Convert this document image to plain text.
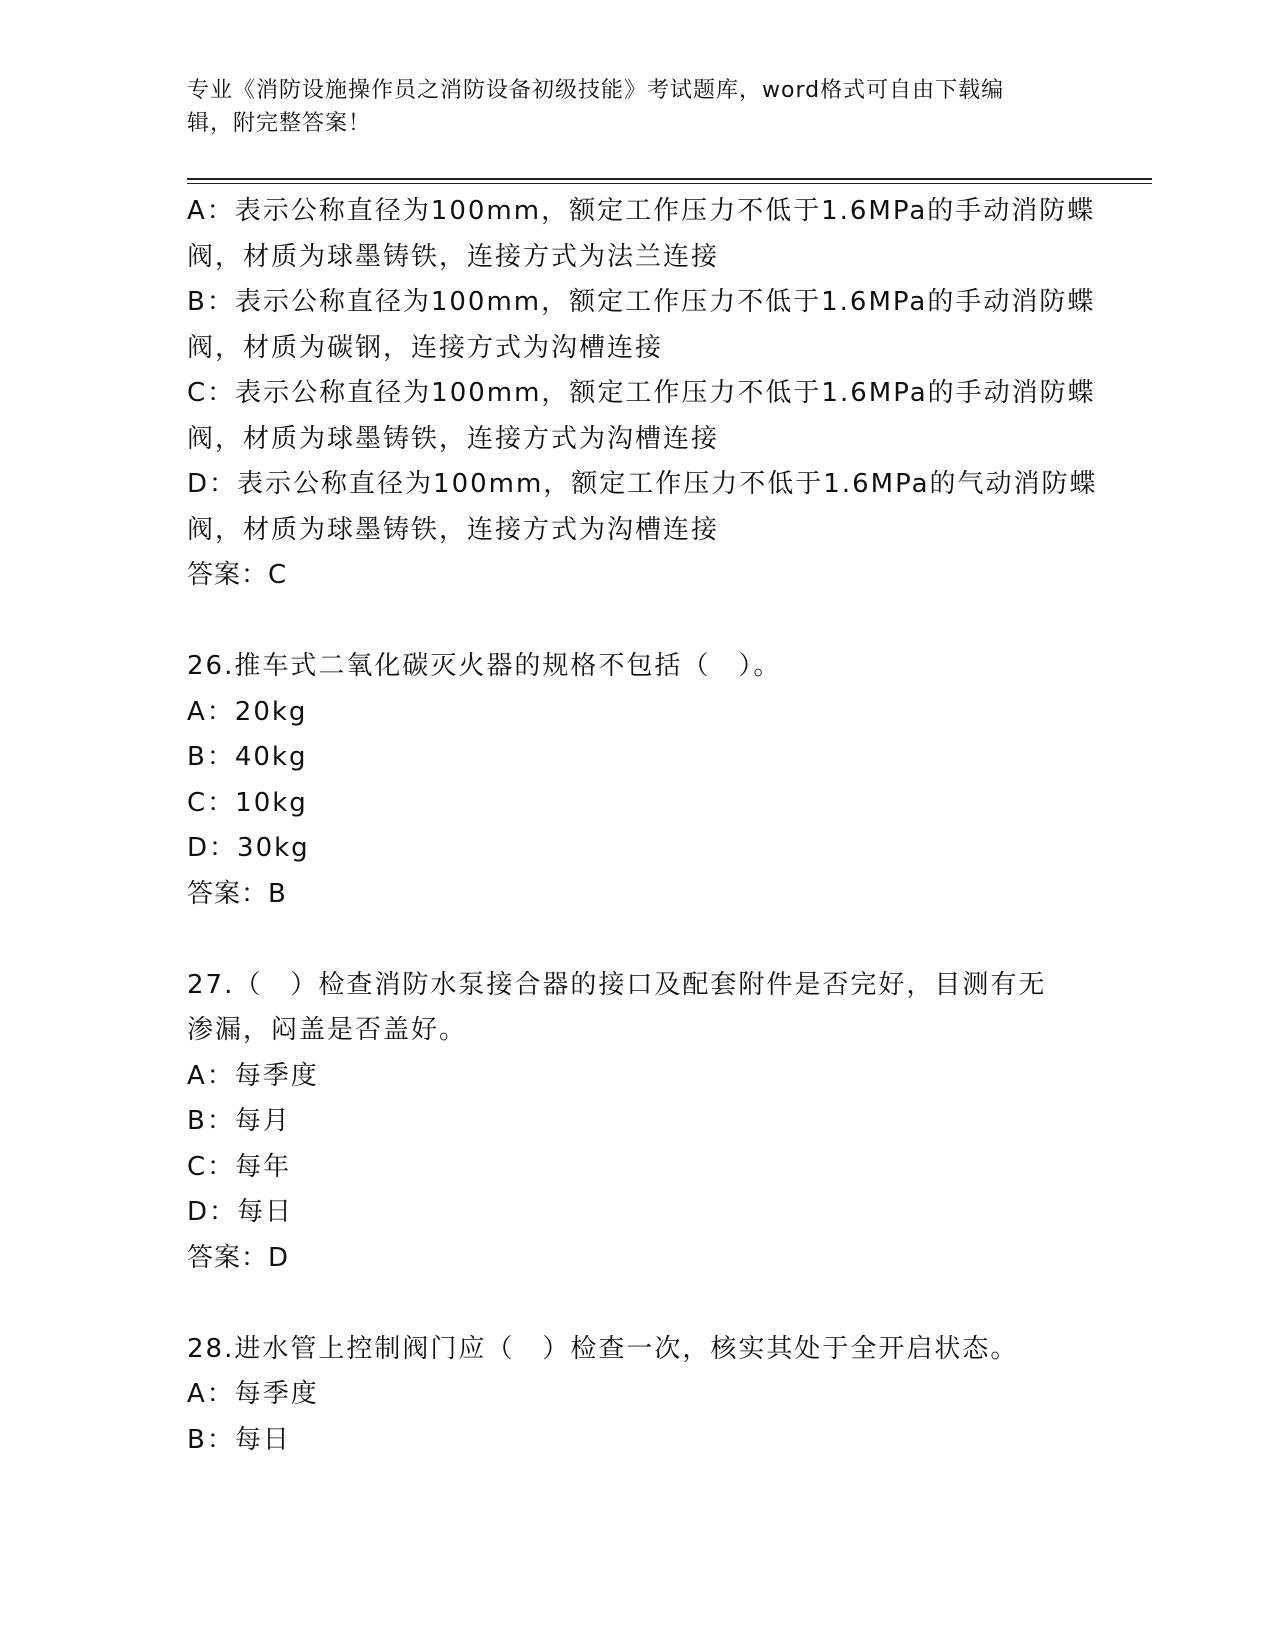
专业《消防设施操作员之消防设备初级技能》考试题库，word格式可自由下载编
辑，附完整答案！
A：表示公称直径为100mm，额定工作压力不低于1.6MPa的手动消防蝶
阀，材质为球墨铸铁，连接方式为法兰连接
B：表示公称直径为100mm，额定工作压力不低于1.6MPa的手动消防蝶
阀，材质为碳钢，连接方式为沟槽连接
C：表示公称直径为100mm，额定工作压力不低于1.6MPa的手动消防蝶
阀，材质为球墨铸铁，连接方式为沟槽连接
D：表示公称直径为100mm，额定工作压力不低于1.6MPa的气动消防蝶
阀，材质为球墨铸铁，连接方式为沟槽连接
答案：C
26.推车式二氧化碳灭火器的规格不包括（　）。
A：20kg
B：40kg
C：10kg
D：30kg
答案：B
27.（　）检查消防水泵接合器的接口及配套附件是否完好，目测有无
渗漏，闷盖是否盖好。
A：每季度
B：每月
C：每年
D：每日
答案：D
28.进水管上控制阀门应（　）检查一次，核实其处于全开启状态。
A：每季度
B：每日
